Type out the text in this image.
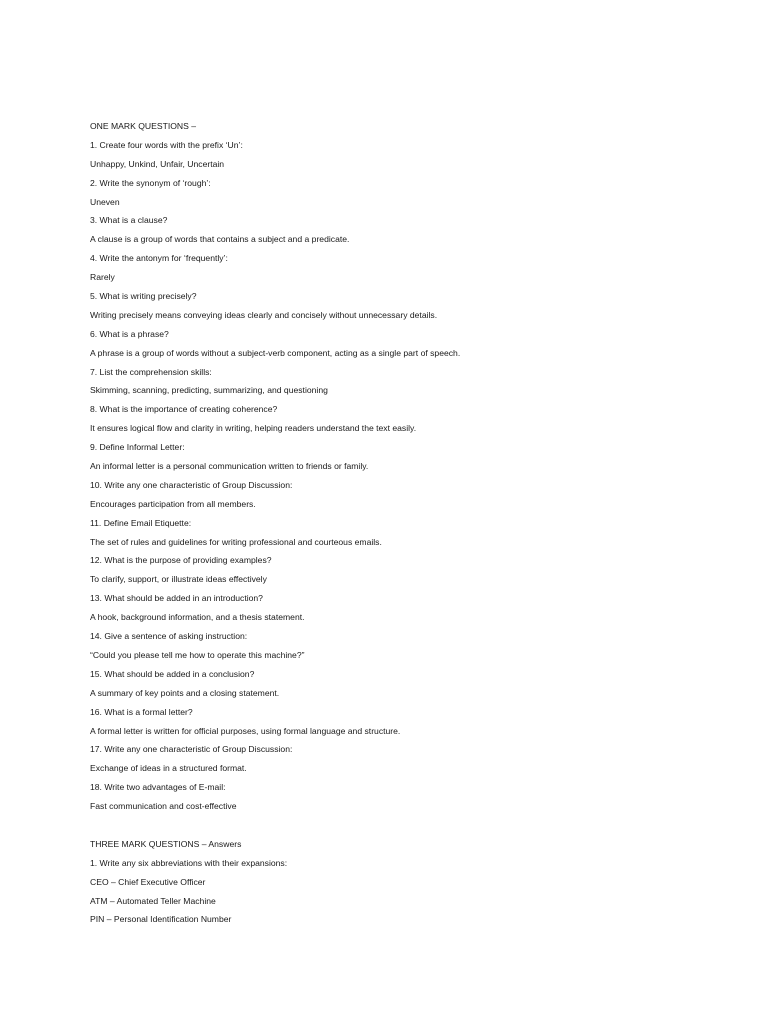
ONE MARK QUESTIONS –
1. Create four words with the prefix ‘Un’:
Unhappy, Unkind, Unfair, Uncertain
2. Write the synonym of ‘rough’:
Uneven
3. What is a clause?
A clause is a group of words that contains a subject and a predicate.
4. Write the antonym for ‘frequently’:
Rarely
5. What is writing precisely?
Writing precisely means conveying ideas clearly and concisely without unnecessary details.
6. What is a phrase?
A phrase is a group of words without a subject-verb component, acting as a single part of speech.
7. List the comprehension skills:
Skimming, scanning, predicting, summarizing, and questioning
8. What is the importance of creating coherence?
It ensures logical flow and clarity in writing, helping readers understand the text easily.
9. Define Informal Letter:
An informal letter is a personal communication written to friends or family.
10. Write any one characteristic of Group Discussion:
Encourages participation from all members.
11. Define Email Etiquette:
The set of rules and guidelines for writing professional and courteous emails.
12. What is the purpose of providing examples?
To clarify, support, or illustrate ideas effectively
13. What should be added in an introduction?
A hook, background information, and a thesis statement.
14. Give a sentence of asking instruction:
“Could you please tell me how to operate this machine?”
15. What should be added in a conclusion?
A summary of key points and a closing statement.
16. What is a formal letter?
A formal letter is written for official purposes, using formal language and structure.
17. Write any one characteristic of Group Discussion:
Exchange of ideas in a structured format.
18. Write two advantages of E-mail:
Fast communication and cost-effective
THREE MARK QUESTIONS – Answers
1. Write any six abbreviations with their expansions:
CEO – Chief Executive Officer
ATM – Automated Teller Machine
PIN – Personal Identification Number
